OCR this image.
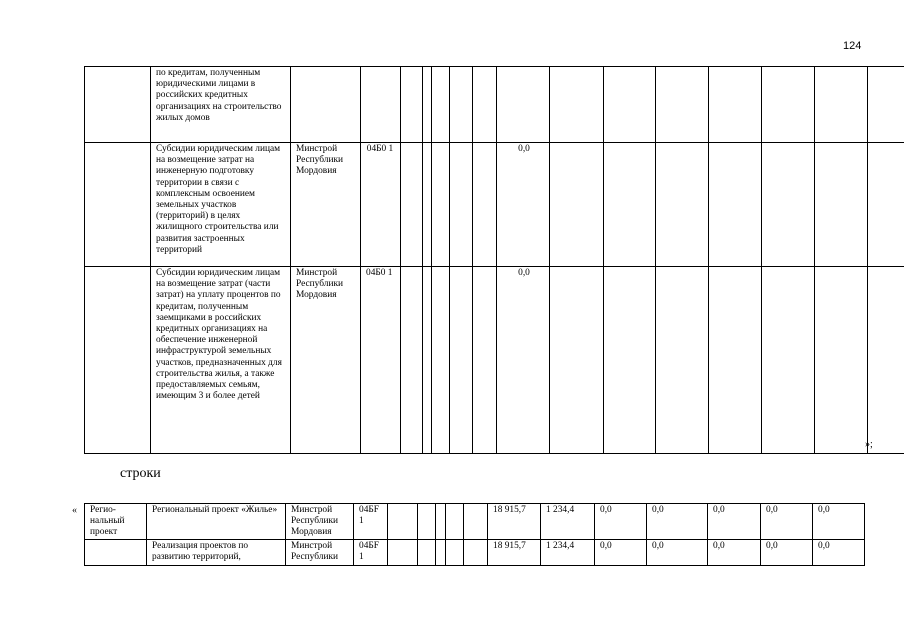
124
	по кредитам, полученным юридическими лицами в российских кредитных организациях на строительство жилых домов															
	Субсидии юридическим лицам на возмещение затрат на инженерную подготовку территории в связи с комплексным освоением земельных участков (территорий) в целях жилищного строительства или развития застроенных территорий	Минстрой Республики Мордовия	04Б0 1						0,0							
	Субсидии юридическим лицам на возмещение затрат (части затрат) на уплату процентов по кредитам, полученным заемщиками в российских кредитных организациях на обеспечение инженерной инфраструктурой земельных участков, предназначенных для строительства жилья, а также предоставляемых семьям, имеющим 3 и более детей	Минстрой Республики Мордовия	04Б0 1						0,0							
»;
строки
« Регио-нальный проект	Региональный проект «Жилье»	Минстрой Республики Мордовия	04БF 1						18 915,7	1 234,4	0,0	0,0	0,0	0,0	0,0
	Реализация проектов по развитию территорий,	Минстрой Республики	04БF 1						18 915,7	1 234,4	0,0	0,0	0,0	0,0	0,0
